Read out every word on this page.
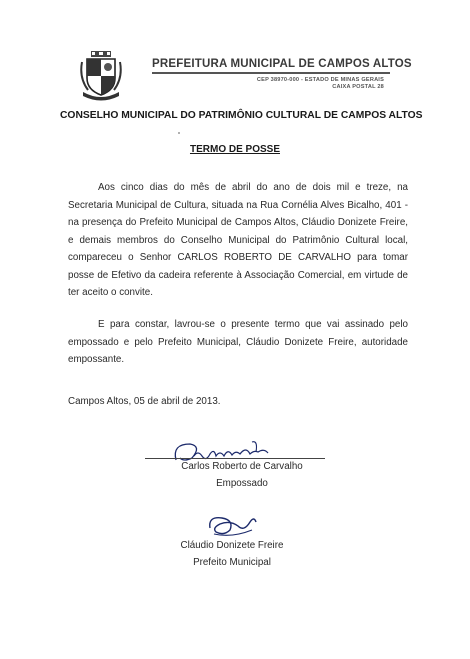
PREFEITURA MUNICIPAL DE CAMPOS ALTOS
CEP 38970-000 - ESTADO DE MINAS GERAIS
CAIXA POSTAL 28
CONSELHO MUNICIPAL DO PATRIMÔNIO CULTURAL DE CAMPOS ALTOS
TERMO DE POSSE
Aos cinco dias do mês de abril do ano de dois mil e treze, na Secretaria Municipal de Cultura, situada na Rua Cornélia Alves Bicalho, 401 - na presença do Prefeito Municipal de Campos Altos, Cláudio Donizete Freire, e demais membros do Conselho Municipal do Patrimônio Cultural local, compareceu o Senhor CARLOS ROBERTO DE CARVALHO para tomar posse de Efetivo da cadeira referente à Associação Comercial, em virtude de ter aceito o convite.
E para constar, lavrou-se o presente termo que vai assinado pelo empossado e pelo Prefeito Municipal, Cláudio Donizete Freire, autoridade empossante.
Campos Altos, 05 de abril de 2013.
Carlos Roberto de Carvalho
Empossado
Cláudio Donizete Freire
Prefeito Municipal
